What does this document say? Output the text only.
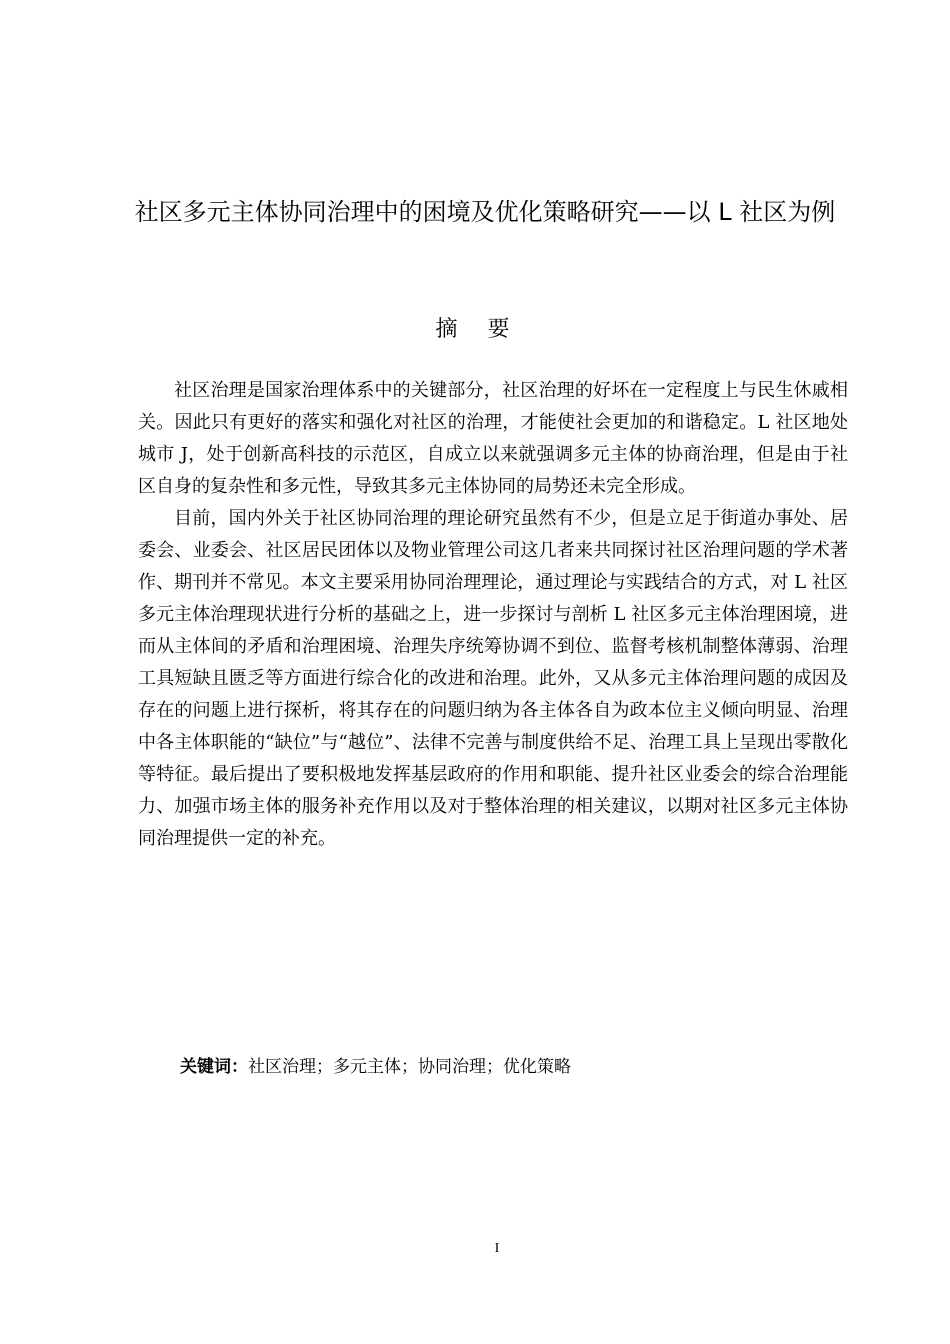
社区多元主体协同治理中的困境及优化策略研究——以 L 社区为例
摘要

社区治理是国家治理体系中的关键部分，社区治理的好坏在一定程度上与民生休戚相关。因此只有更好的落实和强化对社区的治理，才能使社会更加的和谐稳定。L 社区地处城市 J，处于创新高科技的示范区，自成立以来就强调多元主体的协商治理，但是由于社区自身的复杂性和多元性，导致其多元主体协同的局势还未完全形成。

目前，国内外关于社区协同治理的理论研究虽然有不少，但是立足于街道办事处、居委会、业委会、社区居民团体以及物业管理公司这几者来共同探讨社区治理问题的学术著作、期刊并不常见。本文主要采用协同治理理论，通过理论与实践结合的方式，对 L 社区多元主体治理现状进行分析的基础之上，进一步探讨与剖析 L 社区多元主体治理困境，进而从主体间的矛盾和治理困境、治理失序统筹协调不到位、监督考核机制整体薄弱、治理工具短缺且匮乏等方面进行综合化的改进和治理。此外，又从多元主体治理问题的成因及存在的问题上进行探析，将其存在的问题归纳为各主体各自为政本位主义倾向明显、治理中各主体职能的“缺位”与“越位”、法律不完善与制度供给不足、治理工具上呈现出零散化等特征。最后提出了要积极地发挥基层政府的作用和职能、提升社区业委会的综合治理能力、加强市场主体的服务补充作用以及对于整体治理的相关建议，以期对社区多元主体协同治理提供一定的补充。

关键词：社区治理；多元主体；协同治理；优化策略
I
